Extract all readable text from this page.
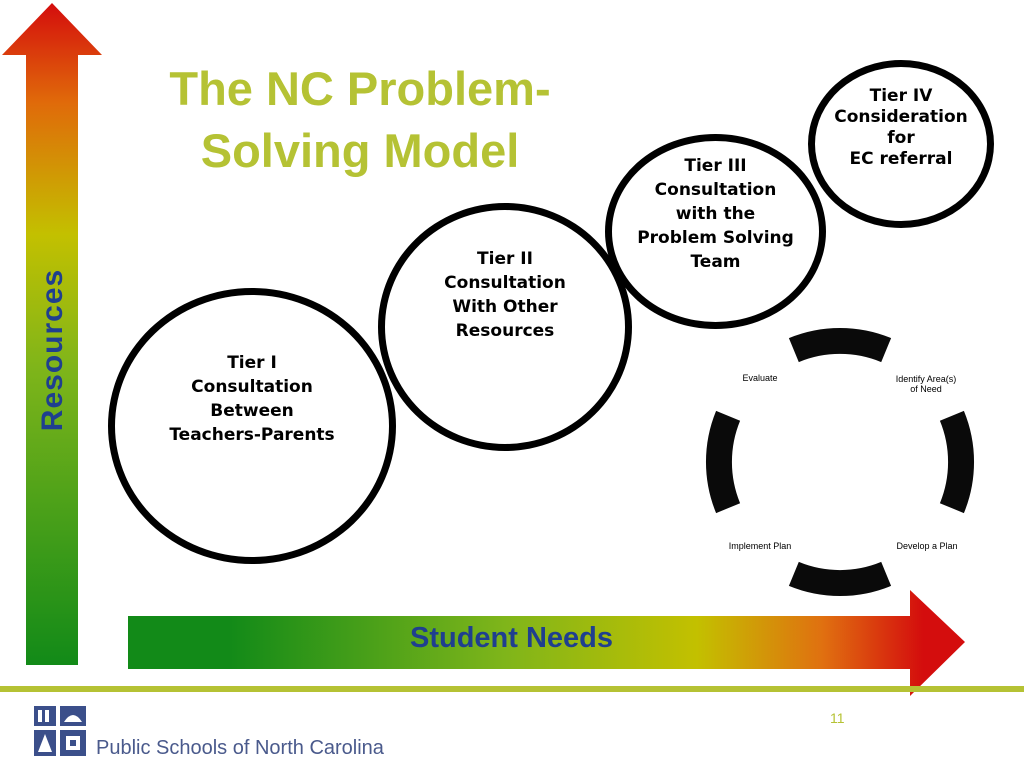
The NC Problem-
Solving Model
Resources
Student Needs
Tier I
Consultation
Between
Teachers-Parents
Tier II
Consultation
With Other
Resources
Tier III
Consultation
with the
Problem Solving
Team
Tier IV
Consideration
for
EC referral
Evaluate	Identify Area(s)
of Need
Develop a Plan
Implement Plan
Public Schools of North Carolina
11
